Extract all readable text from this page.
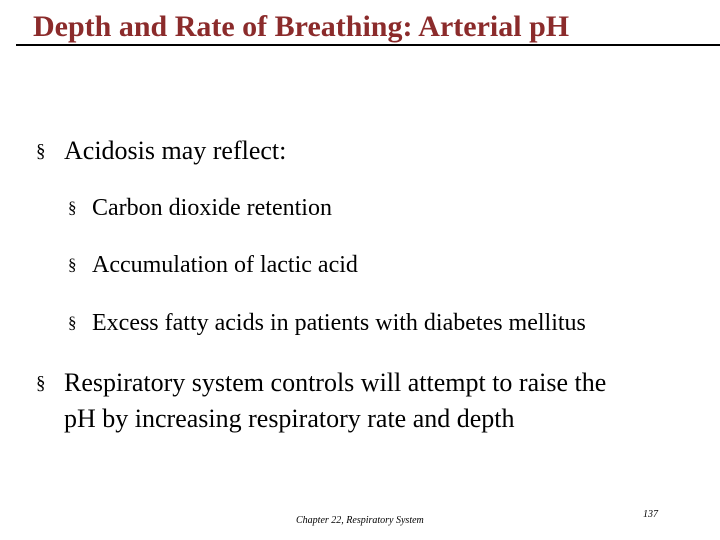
Depth and Rate of Breathing: Arterial pH
§ Acidosis may reflect:
§ Carbon dioxide retention
§ Accumulation of lactic acid
§ Excess fatty acids in patients with diabetes mellitus
§ Respiratory system controls will attempt to raise the
pH by increasing respiratory rate and depth
Chapter 22, Respiratory System
137
